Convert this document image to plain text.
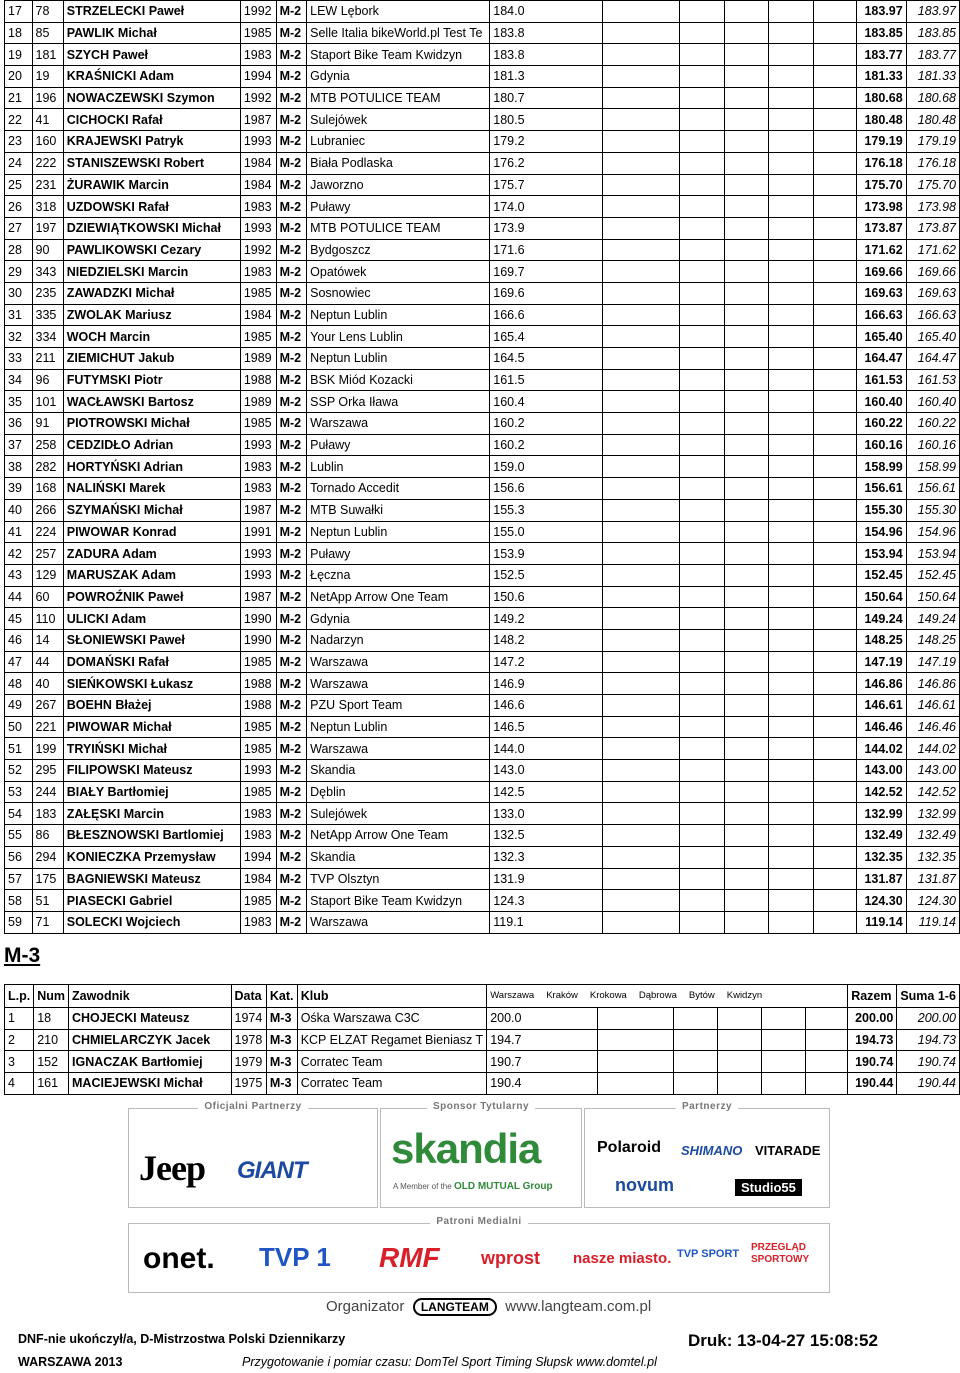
17	78	STRZELECKI Paweł	1992	M-2	LEW Lębork	184.0						183.97	183.97
18	85	PAWLIK Michał	1985	M-2	Selle Italia bikeWorld.pl Test Te	183.8						183.85	183.85
19	181	SZYCH Paweł	1983	M-2	Staport Bike Team Kwidzyn	183.8						183.77	183.77
20	19	KRAŚNICKI Adam	1994	M-2	Gdynia	181.3						181.33	181.33
21	196	NOWACZEWSKI Szymon	1992	M-2	MTB POTULICE TEAM	180.7						180.68	180.68
22	41	CICHOCKI Rafał	1987	M-2	Sulejówek	180.5						180.48	180.48
23	160	KRAJEWSKI Patryk	1993	M-2	Lubraniec	179.2						179.19	179.19
24	222	STANISZEWSKI Robert	1984	M-2	Biała Podlaska	176.2						176.18	176.18
25	231	ŻURAWIK Marcin	1984	M-2	Jaworzno	175.7						175.70	175.70
26	318	UZDOWSKI Rafał	1983	M-2	Puławy	174.0						173.98	173.98
27	197	DZIEWIĄTKOWSKI Michał	1993	M-2	MTB POTULICE TEAM	173.9						173.87	173.87
28	90	PAWLIKOWSKI Cezary	1992	M-2	Bydgoszcz	171.6						171.62	171.62
29	343	NIEDZIELSKI Marcin	1983	M-2	Opatówek	169.7						169.66	169.66
30	235	ZAWADZKI Michał	1985	M-2	Sosnowiec	169.6						169.63	169.63
31	335	ZWOLAK Mariusz	1984	M-2	Neptun Lublin	166.6						166.63	166.63
32	334	WOCH Marcin	1985	M-2	Your Lens Lublin	165.4						165.40	165.40
33	211	ZIEMICHUT Jakub	1989	M-2	Neptun Lublin	164.5						164.47	164.47
34	96	FUTYMSKI Piotr	1988	M-2	BSK Miód Kozacki	161.5						161.53	161.53
35	101	WACŁAWSKI Bartosz	1989	M-2	SSP Orka Iława	160.4						160.40	160.40
36	91	PIOTROWSKI Michał	1985	M-2	Warszawa	160.2						160.22	160.22
37	258	CEDZIDŁO Adrian	1993	M-2	Puławy	160.2						160.16	160.16
38	282	HORTYŃSKI Adrian	1983	M-2	Lublin	159.0						158.99	158.99
39	168	NALIŃSKI Marek	1983	M-2	Tornado Accedit	156.6						156.61	156.61
40	266	SZYMAŃSKI Michał	1987	M-2	MTB Suwałki	155.3						155.30	155.30
41	224	PIWOWAR Konrad	1991	M-2	Neptun Lublin	155.0						154.96	154.96
42	257	ZADURA Adam	1993	M-2	Puławy	153.9						153.94	153.94
43	129	MARUSZAK Adam	1993	M-2	Łęczna	152.5						152.45	152.45
44	60	POWROŹNIK Paweł	1987	M-2	NetApp Arrow One Team	150.6						150.64	150.64
45	110	ULICKI Adam	1990	M-2	Gdynia	149.2						149.24	149.24
46	14	SŁONIEWSKI Paweł	1990	M-2	Nadarzyn	148.2						148.25	148.25
47	44	DOMAŃSKI Rafał	1985	M-2	Warszawa	147.2						147.19	147.19
48	40	SIEŃKOWSKI Łukasz	1988	M-2	Warszawa	146.9						146.86	146.86
49	267	BOEHN Błażej	1988	M-2	PZU Sport Team	146.6						146.61	146.61
50	221	PIWOWAR Michał	1985	M-2	Neptun Lublin	146.5						146.46	146.46
51	199	TRYIŃSKI Michał	1985	M-2	Warszawa	144.0						144.02	144.02
52	295	FILIPOWSKI Mateusz	1993	M-2	Skandia	143.0						143.00	143.00
53	244	BIAŁY Bartłomiej	1985	M-2	Dęblin	142.5						142.52	142.52
54	183	ZAŁĘSKI Marcin	1983	M-2	Sulejówek	133.0						132.99	132.99
55	86	BŁESZNOWSKI Bartlomiej	1983	M-2	NetApp Arrow One Team	132.5						132.49	132.49
56	294	KONIECZKA Przemysław	1994	M-2	Skandia	132.3						132.35	132.35
57	175	BAGNIEWSKI Mateusz	1984	M-2	TVP Olsztyn	131.9						131.87	131.87
58	51	PIASECKI Gabriel	1985	M-2	Staport Bike Team Kwidzyn	124.3						124.30	124.30
59	71	SOLECKI Wojciech	1983	M-2	Warszawa	119.1						119.14	119.14
M-3
L.p.	Num	Zawodnik	Data	Kat.	Klub	Warszawa Kraków Krokowa Dąbrowa Bytów Kwidzyn						Razem	Suma 1-6
1	18	CHOJECKI Mateusz	1974	M-3	Ośka Warszawa C3C	200.0						200.00	200.00
2	210	CHMIELARCZYK Jacek	1978	M-3	KCP ELZAT Regamet Bieniasz T	194.7						194.73	194.73
3	152	IGNACZAK Bartłomiej	1979	M-3	Corratec Team	190.7						190.74	190.74
4	161	MACIEJEWSKI Michał	1975	M-3	Corratec Team	190.4						190.44	190.44
Oficjalni Partnerzy
Jeep GIANT
Sponsor Tytularny
skandia
A Member of the OLD MUTUAL Group
Partnerzy
Polaroid SHIMANO VITARADE
novum	Studio55
Patroni Medialni
onet. TVP 1 RMF wprost nasze miasto. TVP SPORT
PRZEGLĄD SPORTOWY
Organizator LANGTEAM www.langteam.com.pl
DNF-nie ukończył/a, D-Mistrzostwa Polski Dziennikarzy
WARSZAWA 2013	Przygotowanie i pomiar czasu: DomTel Sport Timing Słupsk www.domtel.pl
Druk: 13-04-27 15:08:52
